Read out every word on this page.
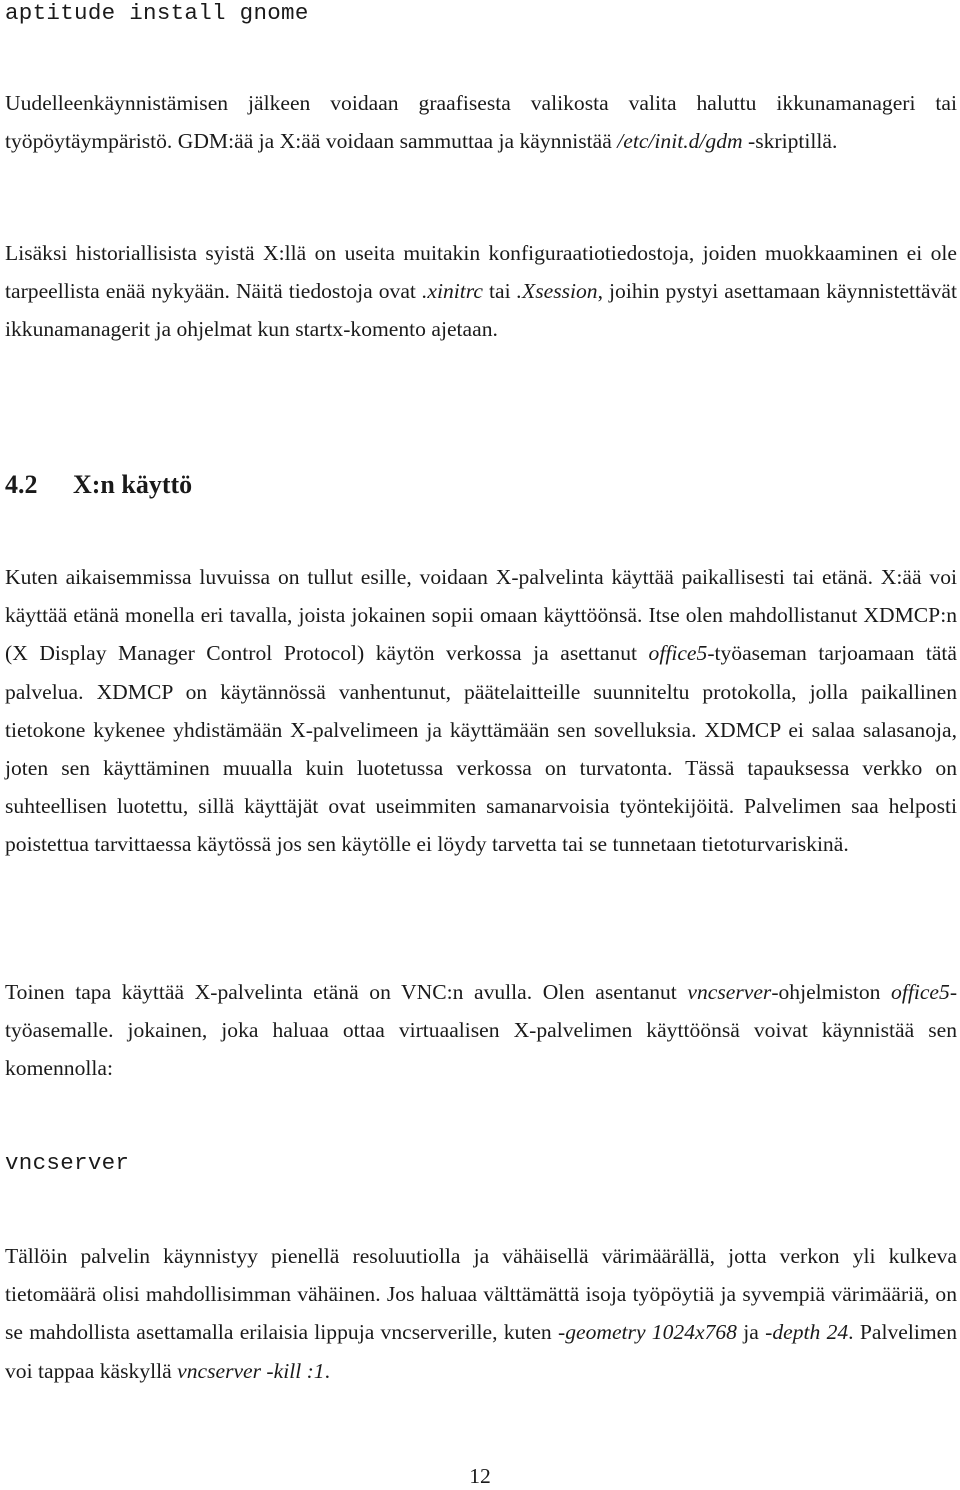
aptitude install gnome

Uudelleenkäynnistämisen jälkeen voidaan graafisesta valikosta valita haluttu ikkunamanageri tai työpöytäympäristö. GDM:ää ja X:ää voidaan sammuttaa ja käynnistää /etc/init.d/gdm -skriptillä.

Lisäksi historiallisista syistä X:llä on useita muitakin konfiguraatiotiedostoja, joiden muokkaaminen ei ole tarpeellista enää nykyään. Näitä tiedostoja ovat .xinitrc tai .Xsession, joihin pystyi asettamaan käynnistettävät ikkunamanagerit ja ohjelmat kun startx-komento ajetaan.

4.2 X:n käyttö

Kuten aikaisemmissa luvuissa on tullut esille, voidaan X-palvelinta käyttää paikallisesti tai etänä. X:ää voi käyttää etänä monella eri tavalla, joista jokainen sopii omaan käyttöönsä. Itse olen mahdollistanut XDMCP:n (X Display Manager Control Protocol) käytön verkossa ja asettanut office5-työaseman tarjoamaan tätä palvelua. XDMCP on käytännössä vanhentunut, päätelaitteille suunniteltu protokolla, jolla paikallinen tietokone kykenee yhdistämään X-palvelimeen ja käyttämään sen sovelluksia. XDMCP ei salaa salasanoja, joten sen käyttäminen muualla kuin luotetussa verkossa on turvatonta. Tässä tapauksessa verkko on suhteellisen luotettu, sillä käyttäjät ovat useimmiten samanarvoisia työntekijöitä. Palvelimen saa helposti poistettua tarvittaessa käytössä jos sen käytölle ei löydy tarvetta tai se tunnetaan tietoturvariskinä.

Toinen tapa käyttää X-palvelinta etänä on VNC:n avulla. Olen asentanut vncserver-ohjelmiston office5-työasemalle. jokainen, joka haluaa ottaa virtuaalisen X-palvelimen käyttöönsä voivat käynnistää sen komennolla:

vncserver

Tällöin palvelin käynnistyy pienellä resoluutiolla ja vähäisellä värimäärällä, jotta verkon yli kulkeva tietomäärä olisi mahdollisimman vähäinen. Jos haluaa välttämättä isoja työpöytiä ja syvempiä värimääriä, on se mahdollista asettamalla erilaisia lippuja vncserverille, kuten -geometry 1024x768 ja -depth 24. Palvelimen voi tappaa käskyllä vncserver -kill :1.

12
